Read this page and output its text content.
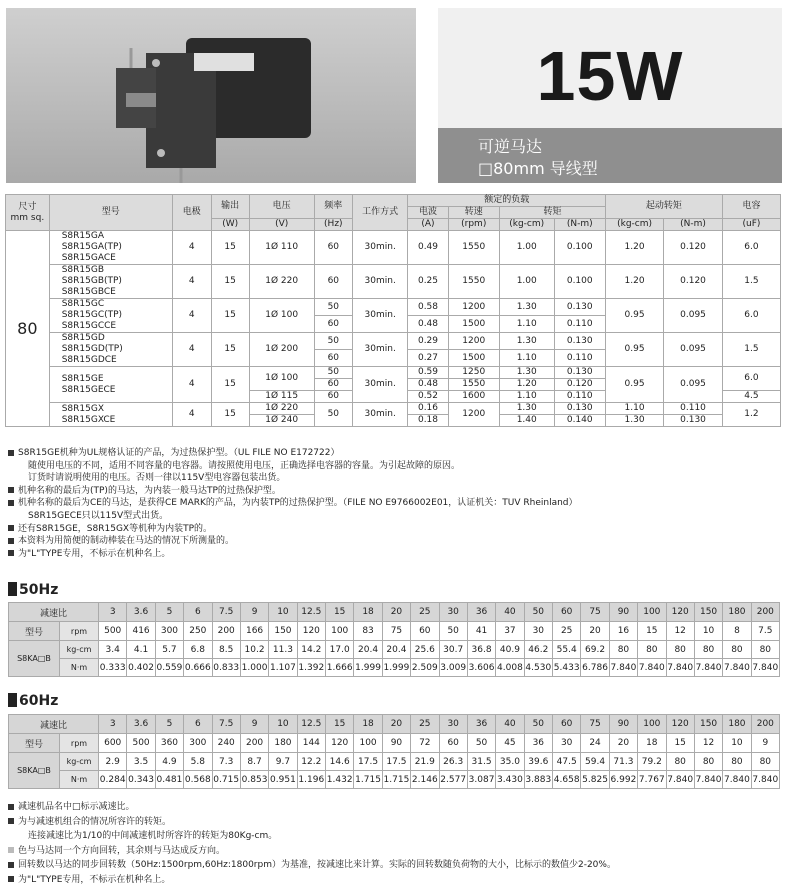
15W
可逆马达
□80mm 导线型
尺寸
mm sq.	型号	电极	输出	电压	频率	工作方式	额定的负载				起动转矩		电容
							电波	转速	转矩				
			(W)	(V)	(Hz)		(A)	(rpm)	(kg-cm)	(N-m)	(kg-cm)	(N-m)	(uF)
80	S8R15GA
S8R15GA(TP)
S8R15GACE	4	15	1Ø 110	60	30min.	0.49	1550	1.00	0.100	1.20	0.120	6.0

	S8R15GB
S8R15GB(TP)
S8R15GBCE	4	15	1Ø 220	60	30min.	0.25	1550	1.00	0.100	1.20	0.120	1.5

	S8R15GC
S8R15GC(TP)
S8R15GCCE	4	15	1Ø 100	50	30min.	0.58	1200	1.30	0.130	0.95	0.095	6.0

					60		0.48	1500	1.10	0.110			

	S8R15GD
S8R15GD(TP)
S8R15GDCE	4	15	1Ø 200	50	30min.	0.29	1200	1.30	0.130	0.95	0.095	1.5

					60		0.27	1500	1.10	0.110			

	S8R15GE
S8R15GECE	4	15	1Ø 100	50	30min.	0.59	1250	1.30	0.130	0.95	0.095	6.0
					60		0.48	1550	1.20	0.120			
				1Ø 115	60		0.52	1600	1.10	0.110			4.5

	S8R15GX
S8R15GXCE	4	15	1Ø 220	50	30min.	0.16	1200	1.30	0.130	1.10	0.110	1.2
				1Ø 240			0.18		1.40	0.140	1.30	0.130	
S8R15GE机种为UL规格认证的产品，为过热保护型。（UL FILE NO E172722）
随使用电压的不同，适用不同容量的电容器。请按照使用电压，正确选择电容器的容量。为引起故障的原因。
订货时请说明使用的电压。否则一律以115V型电容器包装出货。
机种名称的最后为(TP)的马达，为内装一般马达TP的过热保护型。
机种名称的最后为CE的马达，是获得CE MARK的产品，为内装TP的过热保护型。（FILE NO E9766002E01，认证机关：TUV Rheinland）
S8R15GECE只以115V型式出货。
还有S8R15GE，S8R15GX等机种为内装TP的。
本资料为用简便的制动棒装在马达的情况下所测量的。
为"L"TYPE专用，不标示在机种名上。
50Hz
减速比		3	3.6	5	6	7.5	9	10	12.5	15	18	20	25	30	36	40	50	60	75	90	100	120	150	180	200
型号	rpm	500	416	300	250	200	166	150	120	100	83	75	60	50	41	37	30	25	20	16	15	12	10	8	7.5
S8KA□B	kg-cm	3.4	4.1	5.7	6.8	8.5	10.2	11.3	14.2	17.0	20.4	20.4	25.6	30.7	36.8	40.9	46.2	55.4	69.2	80	80	80	80	80	80
	N·m	0.333	0.402	0.559	0.666	0.833	1.000	1.107	1.392	1.666	1.999	1.999	2.509	3.009	3.606	4.008	4.530	5.433	6.786	7.840	7.840	7.840	7.840	7.840	7.840
60Hz
减速比		3	3.6	5	6	7.5	9	10	12.5	15	18	20	25	30	36	40	50	60	75	90	100	120	150	180	200
型号	rpm	600	500	360	300	240	200	180	144	120	100	90	72	60	50	45	36	30	24	20	18	15	12	10	9
S8KA□B	kg-cm	2.9	3.5	4.9	5.8	7.3	8.7	9.7	12.2	14.6	17.5	17.5	21.9	26.3	31.5	35.0	39.6	47.5	59.4	71.3	79.2	80	80	80	80
	N·m	0.284	0.343	0.481	0.568	0.715	0.853	0.951	1.196	1.432	1.715	1.715	2.146	2.577	3.087	3.430	3.883	4.658	5.825	6.992	7.767	7.840	7.840	7.840	7.840
减速机品名中□标示减速比。
为与减速机组合的情况所容许的转矩。
连接减速比为1/10的中间减速机时所容许的转矩为80Kg-cm。
色与马达同一个方向回转，其余则与马达成反方向。
回转数以马达的同步回转数（50Hz:1500rpm,60Hz:1800rpm）为基准，按减速比来计算。实际的回转数随负荷物的大小，比标示的数值少2-20%。
为"L"TYPE专用，不标示在机种名上。
